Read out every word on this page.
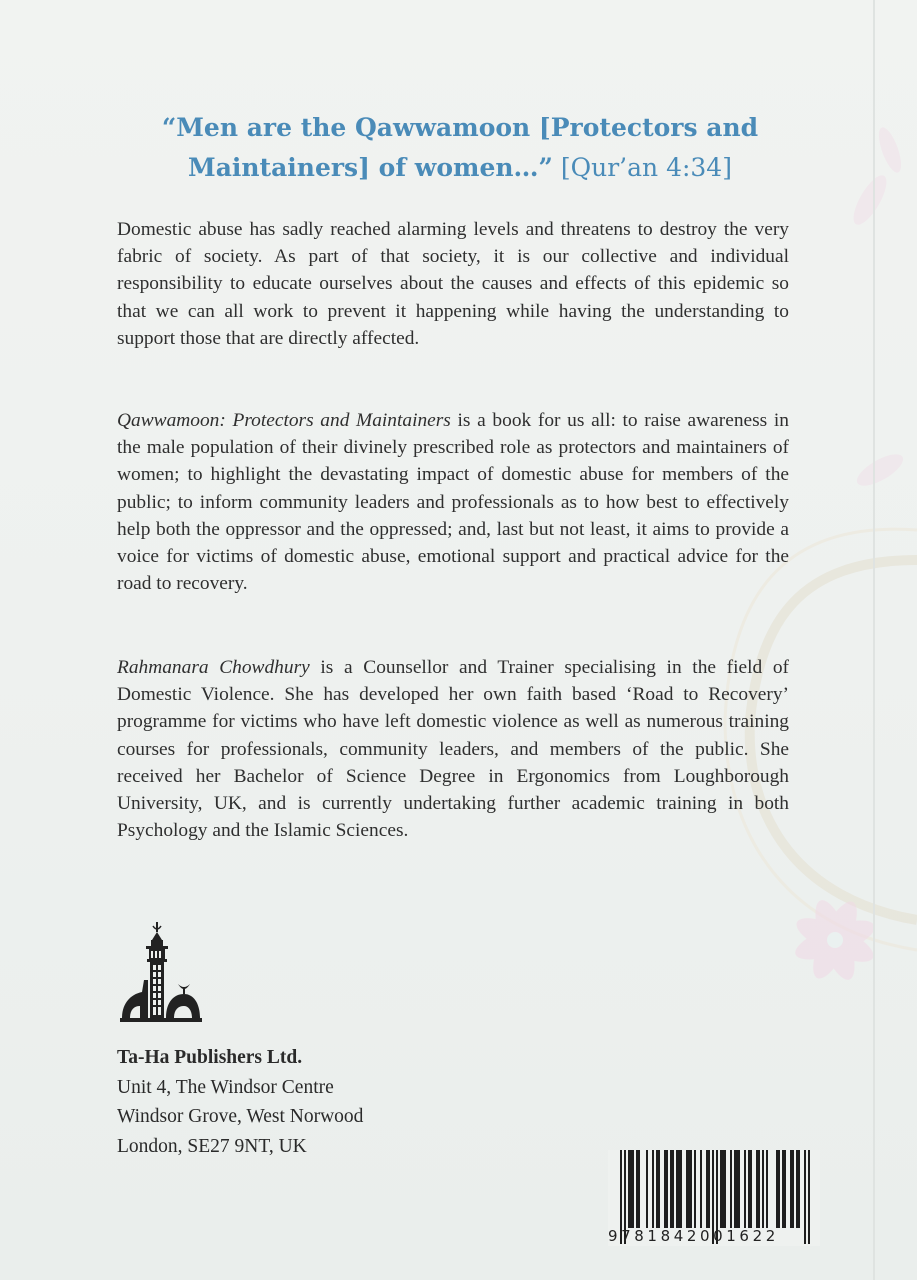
“Men are the Qawwamoon [Protectors and Maintainers] of women…” [Qur’an 4:34]

Domestic abuse has sadly reached alarming levels and threatens to destroy the very fabric of society. As part of that society, it is our collective and individual responsibility to educate ourselves about the causes and effects of this epidemic so that we can all work to prevent it happening while having the understanding to support those that are directly affected.

Qawwamoon: Protectors and Maintainers is a book for us all: to raise awareness in the male population of their divinely prescribed role as protectors and maintainers of women; to highlight the devastating impact of domestic abuse for members of the public; to inform community leaders and professionals as to how best to effectively help both the oppressor and the oppressed; and, last but not least, it aims to provide a voice for victims of domestic abuse, emotional support and practical advice for the road to recovery.

Rahmanara Chowdhury is a Counsellor and Trainer specialising in the field of Domestic Violence. She has developed her own faith based ‘Road to Recovery’ programme for victims who have left domestic violence as well as numerous training courses for professionals, community leaders, and members of the public. She received her Bachelor of Science Degree in Ergonomics from Loughborough University, UK, and is currently undertaking further academic training in both Psychology and the Islamic Sciences.

Ta-Ha Publishers Ltd.
Unit 4, The Windsor Centre
Windsor Grove, West Norwood
London, SE27 9NT, UK
9781842001622
